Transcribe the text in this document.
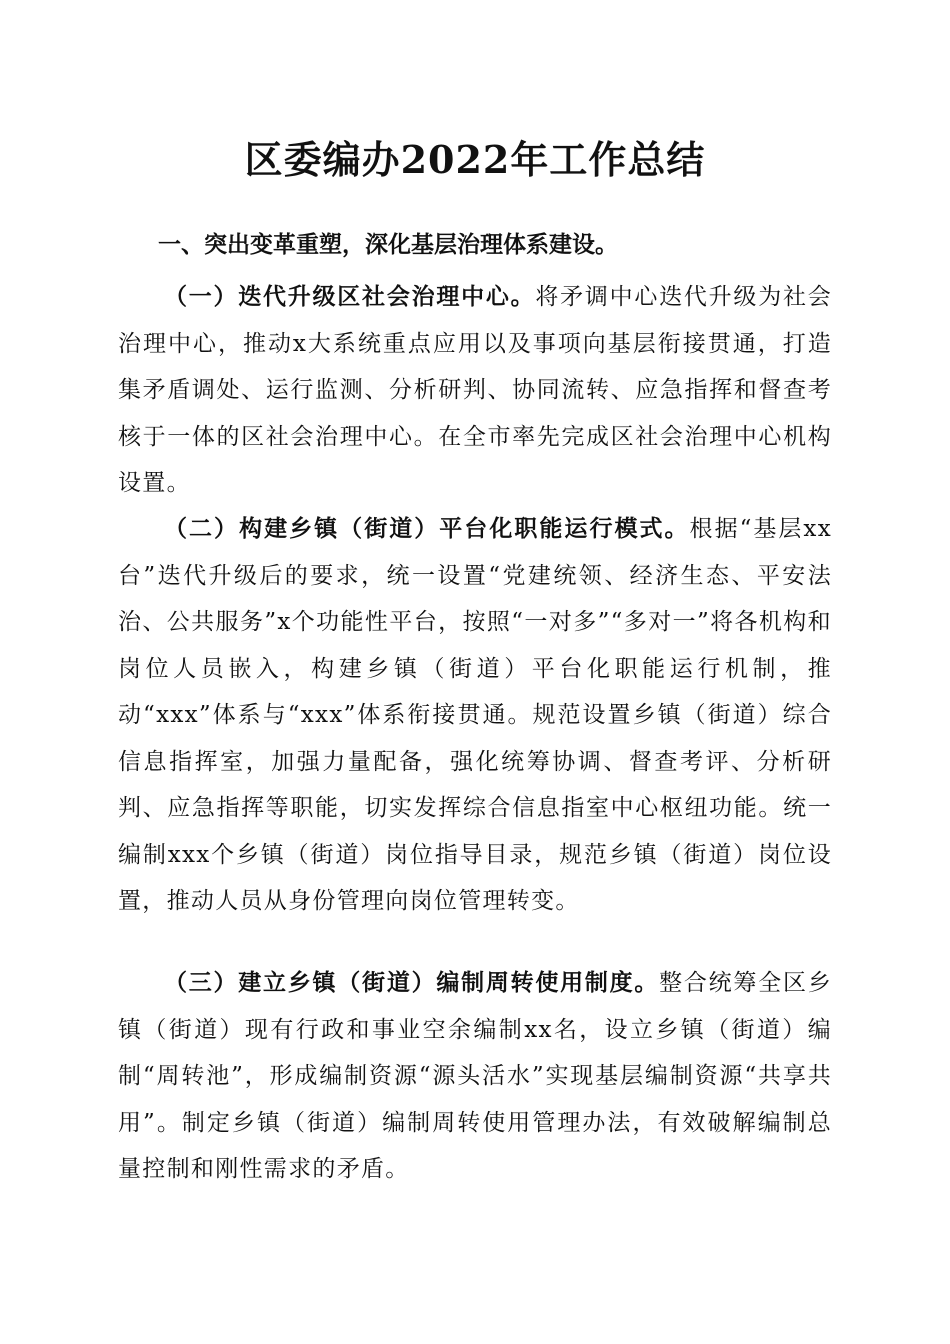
区委编办2022年工作总结
一、突出变革重塑，深化基层治理体系建设。

（一）迭代升级区社会治理中心。将矛调中心迭代升级为社会治理中心，推动x大系统重点应用以及事项向基层衔接贯通，打造集矛盾调处、运行监测、分析研判、协同流转、应急指挥和督查考核于一体的区社会治理中心。在全市率先完成区社会治理中心机构设置。

（二）构建乡镇（街道）平台化职能运行模式。根据“基层xx台”迭代升级后的要求，统一设置“党建统领、经济生态、平安法治、公共服务”x个功能性平台，按照“一对多”“多对一”将各机构和岗位人员嵌入，构建乡镇（街道）平台化职能运行机制，推动“xxx”体系与“xxx”体系衔接贯通。规范设置乡镇（街道）综合信息指挥室，加强力量配备，强化统筹协调、督查考评、分析研判、应急指挥等职能，切实发挥综合信息指室中心枢纽功能。统一编制xxx个乡镇（街道）岗位指导目录，规范乡镇（街道）岗位设置，推动人员从身份管理向岗位管理转变。

（三）建立乡镇（街道）编制周转使用制度。整合统筹全区乡镇（街道）现有行政和事业空余编制xx名，设立乡镇（街道）编制“周转池”，形成编制资源“源头活水”实现基层编制资源“共享共用”。制定乡镇（街道）编制周转使用管理办法，有效破解编制总量控制和刚性需求的矛盾。
